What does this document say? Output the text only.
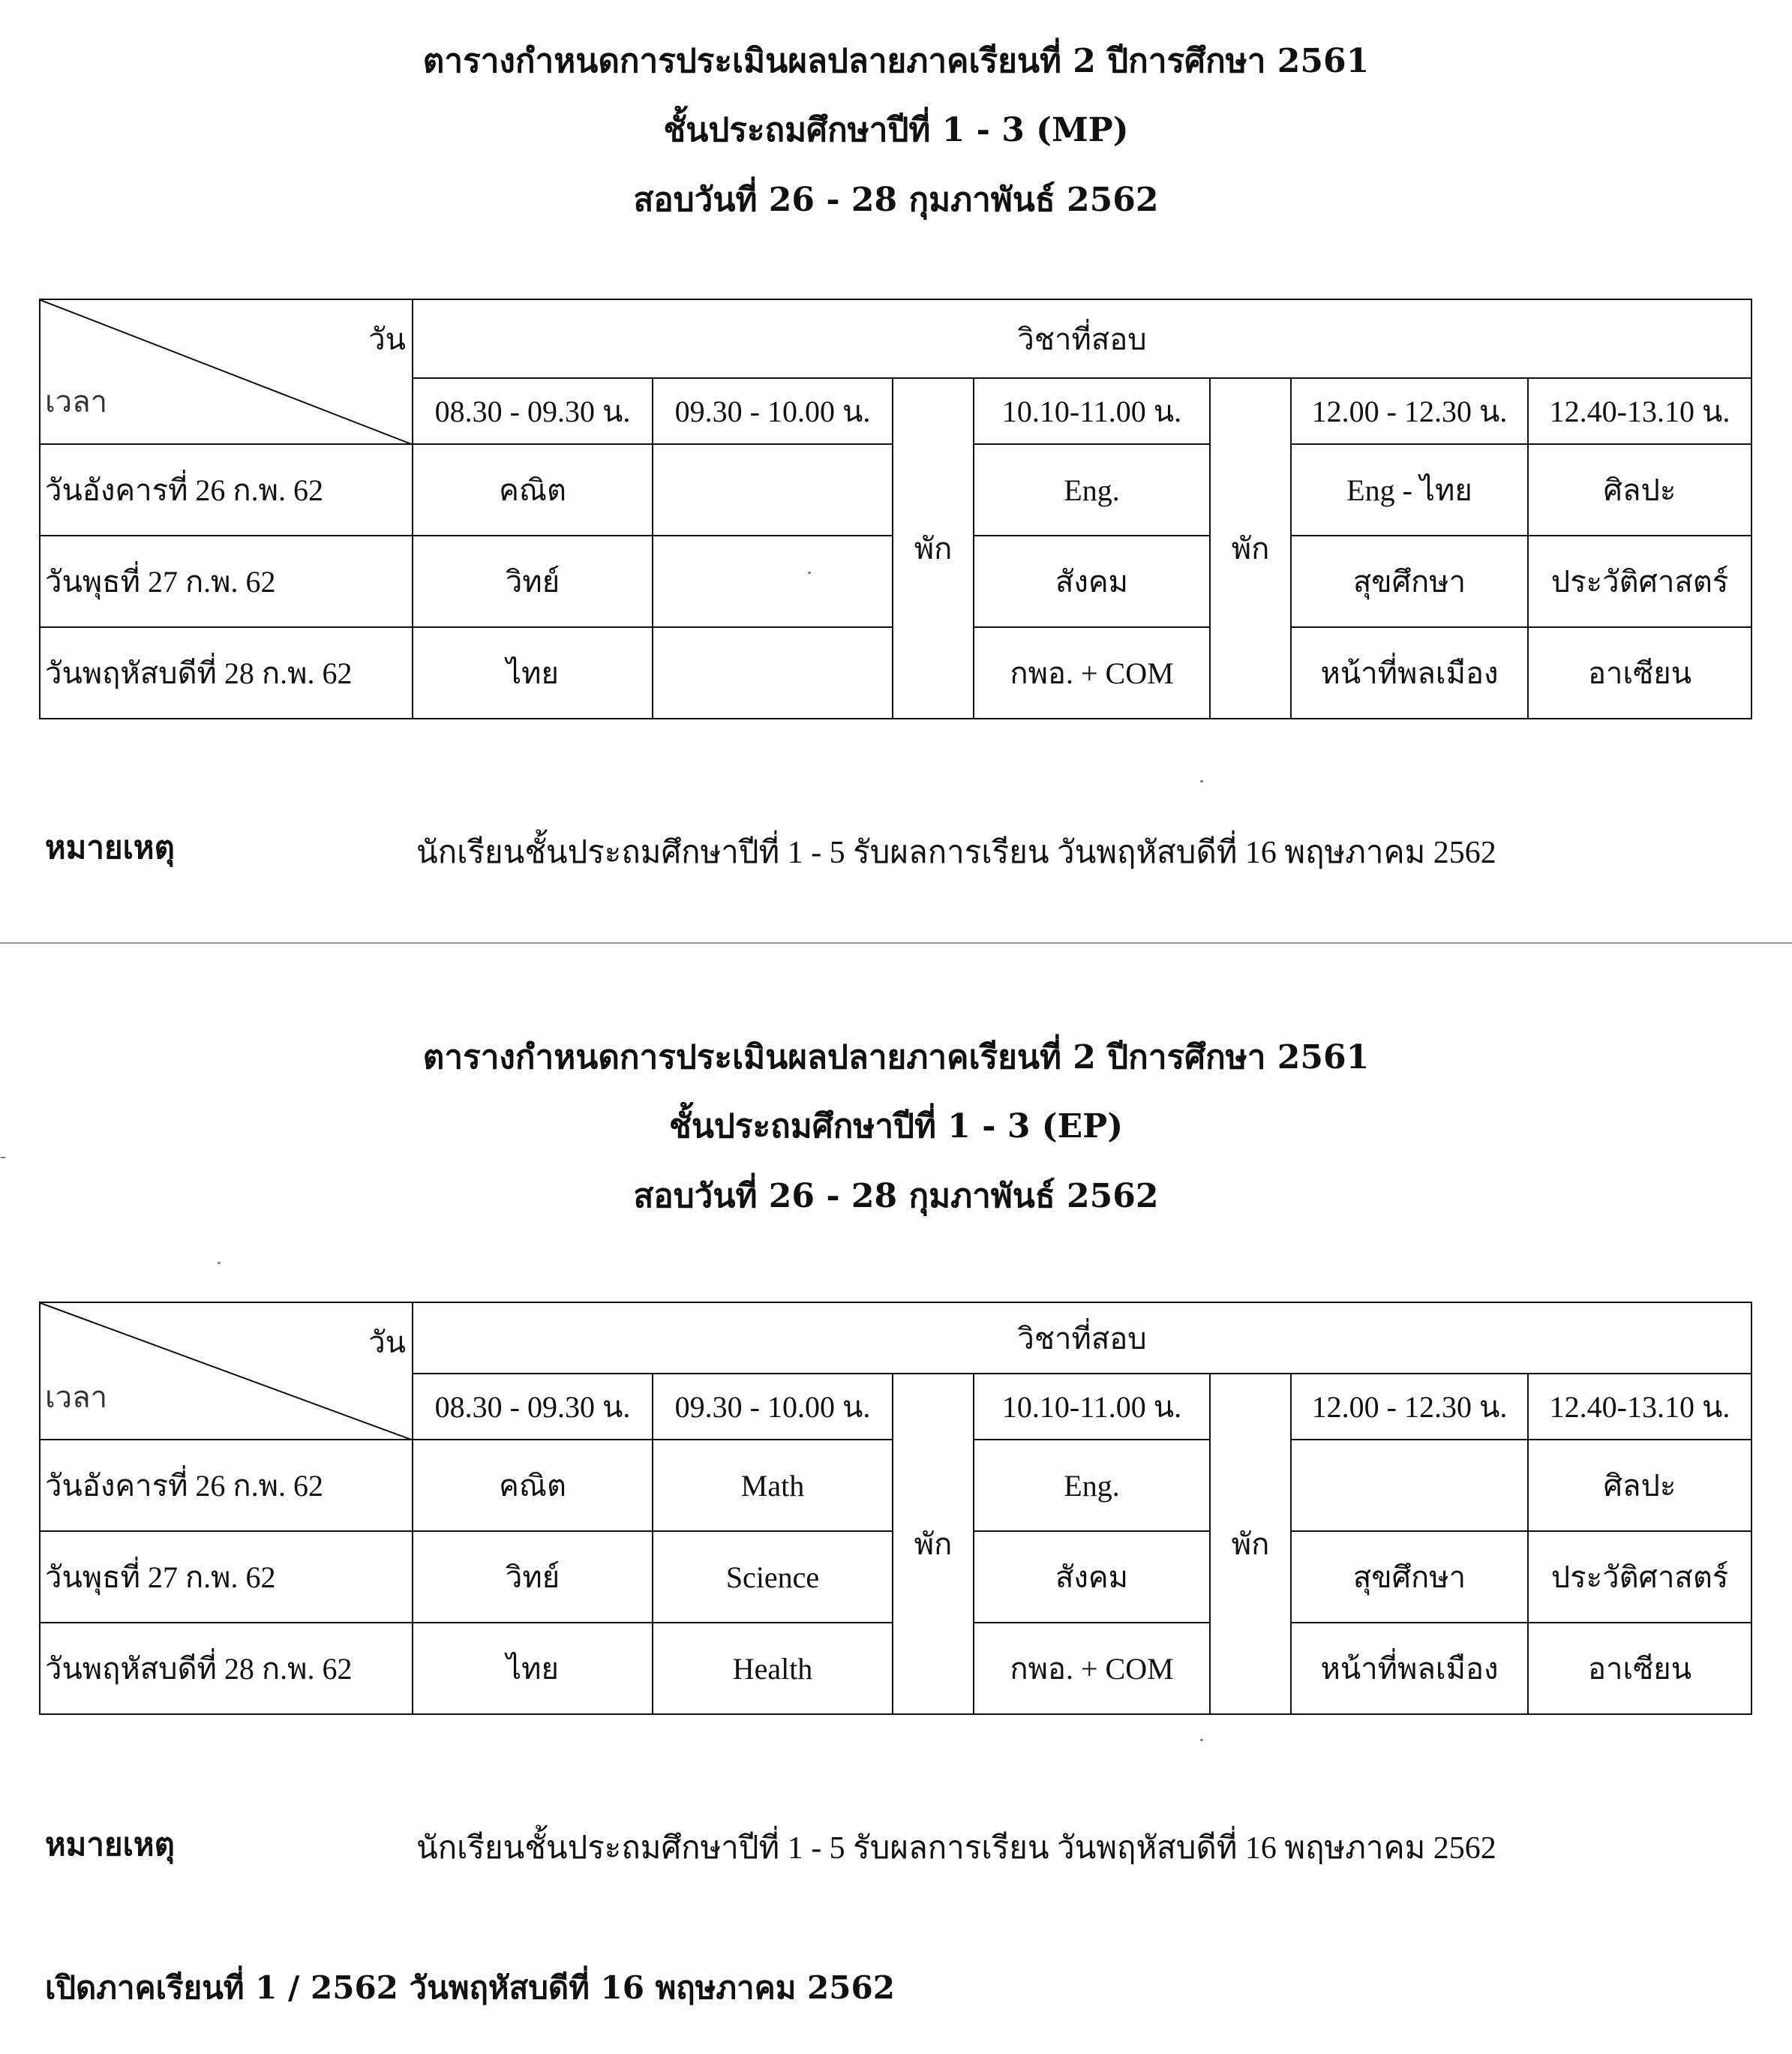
ตารางกำหนดการประเมินผลปลายภาคเรียนที่ 2 ปีการศึกษา 2561
ชั้นประถมศึกษาปีที่ 1 - 3 (MP)
สอบวันที่ 26 - 28 กุมภาพันธ์ 2562
วัน
เวลา	วิชาที่สอบ						
	08.30 - 09.30 น.	09.30 - 10.00 น.	พัก	10.10-11.00 น.	พัก	12.00 - 12.30 น.	12.40-13.10 น.
วันอังคารที่ 26 ก.พ. 62	คณิต			Eng.		Eng - ไทย	ศิลปะ
วันพุธที่ 27 ก.พ. 62	วิทย์			สังคม		สุขศึกษา	ประวัติศาสตร์
วันพฤหัสบดีที่ 28 ก.พ. 62	ไทย			กพอ. + COM		หน้าที่พลเมือง	อาเซียน
หมายเหตุ	นักเรียนชั้นประถมศึกษาปีที่ 1 - 5 รับผลการเรียน วันพฤหัสบดีที่ 16 พฤษภาคม 2562
ตารางกำหนดการประเมินผลปลายภาคเรียนที่ 2 ปีการศึกษา 2561
ชั้นประถมศึกษาปีที่ 1 - 3 (EP)
สอบวันที่ 26 - 28 กุมภาพันธ์ 2562
วัน
เวลา	วิชาที่สอบ						
	08.30 - 09.30 น.	09.30 - 10.00 น.	พัก	10.10-11.00 น.	พัก	12.00 - 12.30 น.	12.40-13.10 น.
วันอังคารที่ 26 ก.พ. 62	คณิต	Math		Eng.			ศิลปะ
วันพุธที่ 27 ก.พ. 62	วิทย์	Science		สังคม		สุขศึกษา	ประวัติศาสตร์
วันพฤหัสบดีที่ 28 ก.พ. 62	ไทย	Health		กพอ. + COM		หน้าที่พลเมือง	อาเซียน
หมายเหตุ	นักเรียนชั้นประถมศึกษาปีที่ 1 - 5 รับผลการเรียน วันพฤหัสบดีที่ 16 พฤษภาคม 2562
เปิดภาคเรียนที่ 1 / 2562 วันพฤหัสบดีที่ 16 พฤษภาคม 2562
